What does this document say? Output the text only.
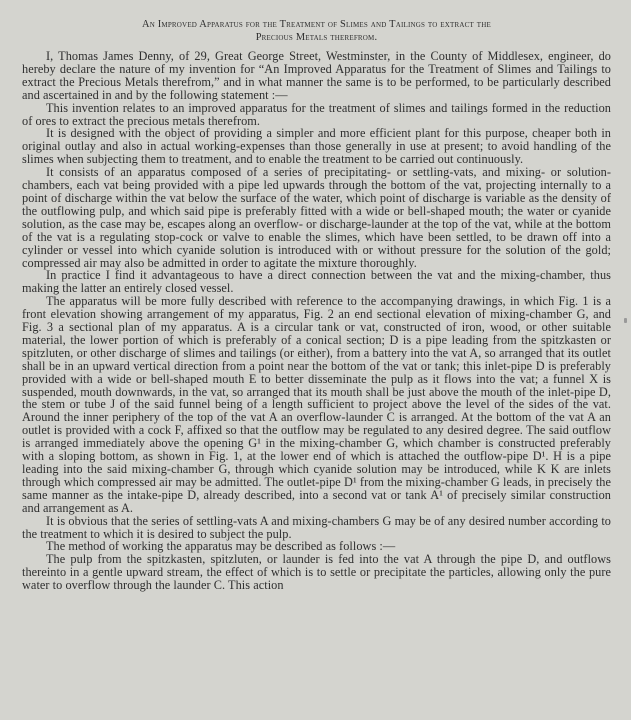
An Improved Apparatus for the Treatment of Slimes and Tailings to extract the
Precious Metals therefrom.

I, Thomas James Denny, of 29, Great George Street, Westminster, in the County of Middlesex, engineer, do hereby declare the nature of my invention for “An Improved Apparatus for the Treatment of Slimes and Tailings to extract the Precious Metals therefrom,” and in what manner the same is to be performed, to be particularly described and ascertained in and by the following statement :—

This invention relates to an improved apparatus for the treatment of slimes and tailings formed in the reduction of ores to extract the precious metals therefrom.

It is designed with the object of providing a simpler and more efficient plant for this purpose, cheaper both in original outlay and also in actual working-expenses than those generally in use at present; to avoid handling of the slimes when subjecting them to treatment, and to enable the treatment to be carried out continuously.

It consists of an apparatus composed of a series of precipitating- or settling-vats, and mixing- or solution-chambers, each vat being provided with a pipe led upwards through the bottom of the vat, projecting internally to a point of discharge within the vat below the surface of the water, which point of discharge is variable as the density of the outflowing pulp, and which said pipe is preferably fitted with a wide or bell-shaped mouth; the water or cyanide solution, as the case may be, escapes along an overflow- or discharge-launder at the top of the vat, while at the bottom of the vat is a regulating stop-cock or valve to enable the slimes, which have been settled, to be drawn off into a cylinder or vessel into which cyanide solution is introduced with or without pressure for the solution of the gold; compressed air may also be admitted in order to agitate the mixture thoroughly.

In practice I find it advantageous to have a direct connection between the vat and the mixing-chamber, thus making the latter an entirely closed vessel.

The apparatus will be more fully described with reference to the accompanying drawings, in which Fig. 1 is a front elevation showing arrangement of my apparatus, Fig. 2 an end sectional elevation of mixing-chamber G, and Fig. 3 a sectional plan of my apparatus. A is a circular tank or vat, constructed of iron, wood, or other suitable material, the lower portion of which is preferably of a conical section; D is a pipe leading from the spitzkasten or spitzluten, or other discharge of slimes and tailings (or either), from a battery into the vat A, so arranged that its outlet shall be in an upward vertical direction from a point near the bottom of the vat or tank; this inlet-pipe D is preferably provided with a wide or bell-shaped mouth E to better disseminate the pulp as it flows into the vat; a funnel X is suspended, mouth downwards, in the vat, so arranged that its mouth shall be just above the mouth of the inlet-pipe D, the stem or tube J of the said funnel being of a length sufficient to project above the level of the sides of the vat. Around the inner periphery of the top of the vat A an overflow-launder C is arranged. At the bottom of the vat A an outlet is provided with a cock F, affixed so that the outflow may be regulated to any desired degree. The said outflow is arranged immediately above the opening G¹ in the mixing-chamber G, which chamber is constructed preferably with a sloping bottom, as shown in Fig. 1, at the lower end of which is attached the outflow-pipe D¹. H is a pipe leading into the said mixing-chamber G, through which cyanide solution may be introduced, while K K are inlets through which compressed air may be admitted. The outlet-pipe D¹ from the mixing-chamber G leads, in precisely the same manner as the intake-pipe D, already described, into a second vat or tank A¹ of precisely similar construction and arrangement as A.

It is obvious that the series of settling-vats A and mixing-chambers G may be of any desired number according to the treatment to which it is desired to subject the pulp.

The method of working the apparatus may be described as follows :—

The pulp from the spitzkasten, spitzluten, or launder is fed into the vat A through the pipe D, and outflows thereinto in a gentle upward stream, the effect of which is to settle or precipitate the particles, allowing only the pure water to overflow through the launder C. This action
